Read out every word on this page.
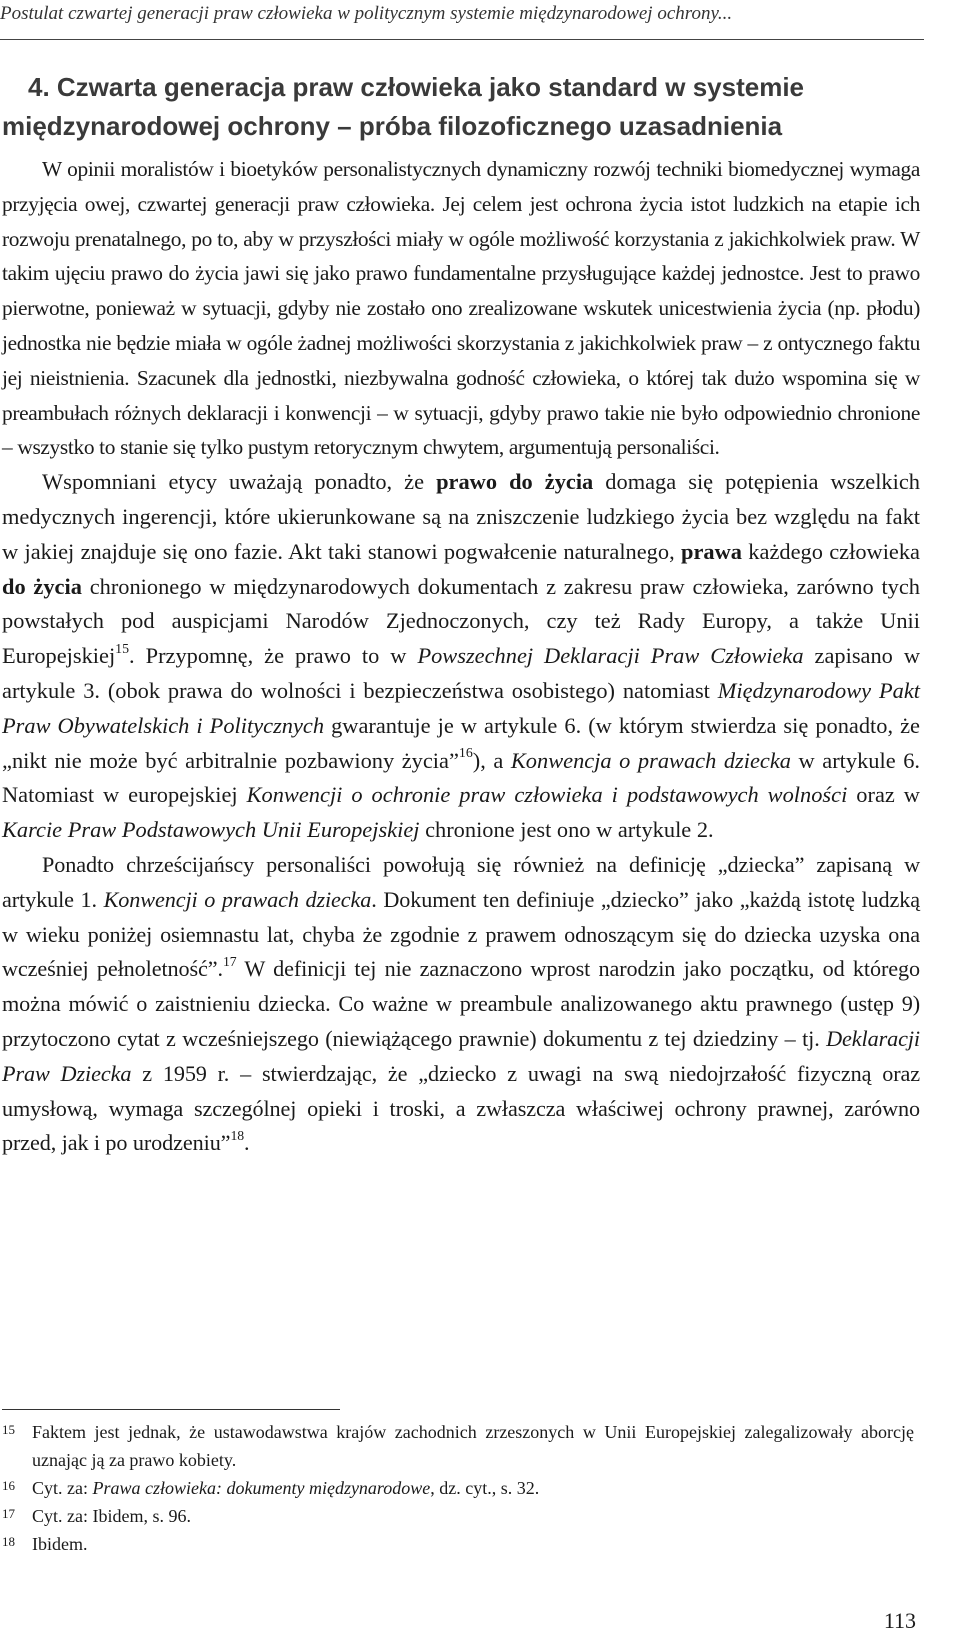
Postulat czwartej generacji praw człowieka w politycznym systemie międzynarodowej ochrony...
4. Czwarta generacja praw człowieka jako standard w systemie
międzynarodowej ochrony – próba filozoficznego uzasadnienia

W opinii moralistów i bioetyków personalistycznych dynamiczny rozwój techniki biomedycznej wymaga przyjęcia owej, czwartej generacji praw człowieka. Jej celem jest ochrona życia istot ludzkich na etapie ich rozwoju prenatalnego, po to, aby w przyszłości miały w ogóle możliwość korzystania z jakichkolwiek praw. W takim ujęciu prawo do życia jawi się jako prawo fundamentalne przysługujące każdej jednostce. Jest to prawo pierwotne, ponieważ w sytuacji, gdyby nie zostało ono zrealizowane wskutek unicestwienia życia (np. płodu) jednostka nie będzie miała w ogóle żadnej możliwości skorzystania z jakichkolwiek praw – z ontycznego faktu jej nieistnienia. Szacunek dla jednostki, niezbywalna godność człowieka, o której tak dużo wspomina się w preambułach różnych deklaracji i konwencji – w sytuacji, gdyby prawo takie nie było odpowiednio chronione – wszystko to stanie się tylko pustym retorycznym chwytem, argumentują personaliści.

Wspomniani etycy uważają ponadto, że prawo do życia domaga się potępienia wszelkich medycznych ingerencji, które ukierunkowane są na zniszczenie ludzkiego życia bez względu na fakt w jakiej znajduje się ono fazie. Akt taki stanowi pogwałcenie naturalnego, prawa każdego człowieka do życia chronionego w międzynarodowych dokumentach z zakresu praw człowieka, zarówno tych powstałych pod auspicjami Narodów Zjednoczonych, czy też Rady Europy, a także Unii Europejskiej$^{15}$. Przypomnę, że prawo to w Powszechnej Deklaracji Praw Człowieka zapisano w artykule 3. (obok prawa do wolności i bezpieczeństwa osobistego) natomiast Międzynarodowy Pakt Praw Obywatelskich i Politycznych gwarantuje je w artykule 6. (w którym stwierdza się ponadto, że „nikt nie może być arbitralnie pozbawiony życia”$^{16}$), a Konwencja o prawach dziecka w artykule 6. Natomiast w europejskiej Konwencji o ochronie praw człowieka i podstawowych wolności oraz w Karcie Praw Podstawowych Unii Europejskiej chronione jest ono w artykule 2.

Ponadto chrześcijańscy personaliści powołują się również na definicję „dziecka” zapisaną w artykule 1. Konwencji o prawach dziecka. Dokument ten definiuje „dziecko” jako „każdą istotę ludzką w wieku poniżej osiemnastu lat, chyba że zgodnie z prawem odnoszącym się do dziecka uzyska ona wcześniej pełnoletność”.$^{17}$ W definicji tej nie zaznaczono wprost narodzin jako początku, od którego można mówić o zaistnieniu dziecka. Co ważne w preambule analizowanego aktu prawnego (ustęp 9) przytoczono cytat z wcześniejszego (niewiążącego prawnie) dokumentu z tej dziedziny – tj. Deklaracji Praw Dziecka z 1959 r. – stwierdzając, że „dziecko z uwagi na swą niedojrzałość fizyczną oraz umysłową, wymaga szczególnej opieki i troski, a zwłaszcza właściwej ochrony prawnej, zarówno przed, jak i po urodzeniu”$^{18}$.

15 Faktem jest jednak, że ustawodawstwa krajów zachodnich zrzeszonych w Unii Europejskiej zalegalizowały aborcję uznając ją za prawo kobiety.
16 Cyt. za: Prawa człowieka: dokumenty międzynarodowe, dz. cyt., s. 32.
17 Cyt. za: Ibidem, s. 96.
18 Ibidem.
113
